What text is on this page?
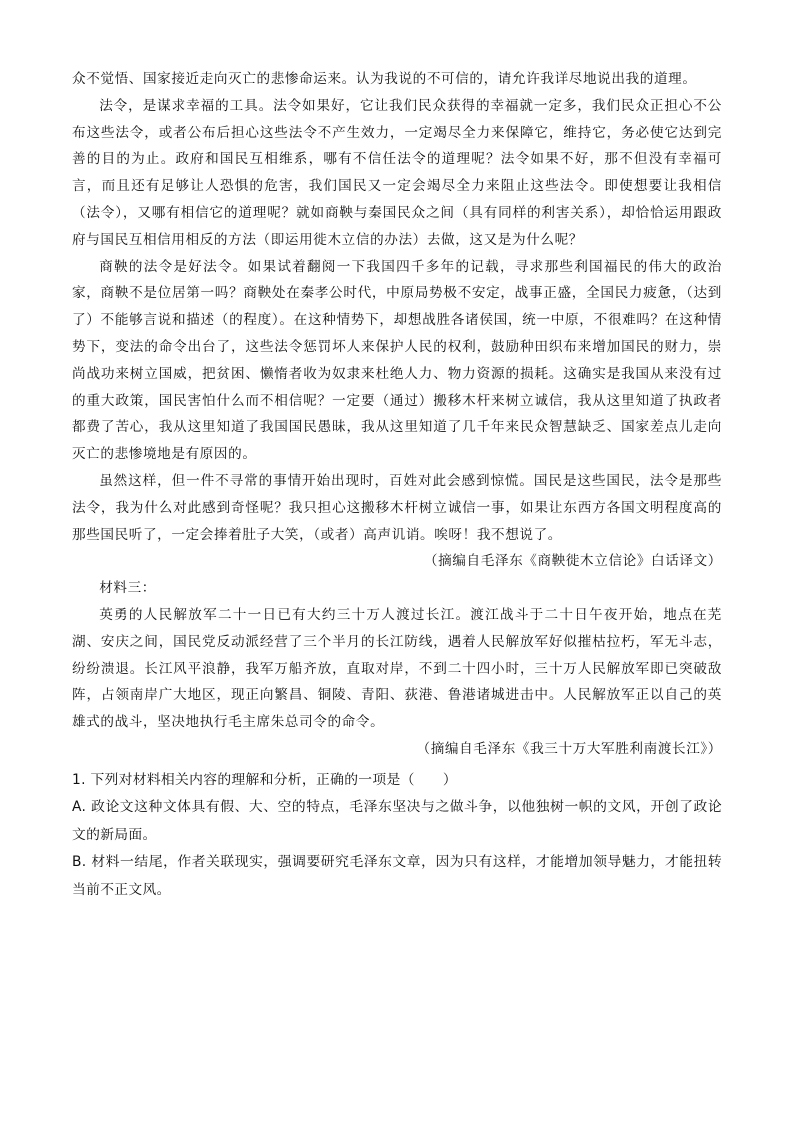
众不觉悟、国家接近走向灭亡的悲惨命运来。认为我说的不可信的，请允许我详尽地说出我的道理。

法令，是谋求幸福的工具。法令如果好，它让我们民众获得的幸福就一定多，我们民众正担心不公布这些法令，或者公布后担心这些法令不产生效力，一定竭尽全力来保障它，维持它，务必使它达到完善的目的为止。政府和国民互相维系，哪有不信任法令的道理呢？法令如果不好，那不但没有幸福可言，而且还有足够让人恐惧的危害，我们国民又一定会竭尽全力来阻止这些法令。即使想要让我相信（法令），又哪有相信它的道理呢？就如商鞅与秦国民众之间（具有同样的利害关系），却恰恰运用跟政府与国民互相信用相反的方法（即运用徙木立信的办法）去做，这又是为什么呢？

商鞅的法令是好法令。如果试着翻阅一下我国四千多年的记载，寻求那些利国福民的伟大的政治家，商鞅不是位居第一吗？商鞅处在秦孝公时代，中原局势极不安定，战事正盛，全国民力疲惫，（达到了）不能够言说和描述（的程度）。在这种情势下，却想战胜各诸侯国，统一中原，不很难吗？在这种情势下，变法的命令出台了，这些法令惩罚坏人来保护人民的权利，鼓励种田织布来增加国民的财力，崇尚战功来树立国威，把贫困、懒惰者收为奴隶来杜绝人力、物力资源的损耗。这确实是我国从来没有过的重大政策，国民害怕什么而不相信呢？一定要（通过）搬移木杆来树立诚信，我从这里知道了执政者都费了苦心，我从这里知道了我国国民愚昧，我从这里知道了几千年来民众智慧缺乏、国家差点儿走向灭亡的悲惨境地是有原因的。

虽然这样，但一件不寻常的事情开始出现时，百姓对此会感到惊慌。国民是这些国民，法令是那些法令，我为什么对此感到奇怪呢？我只担心这搬移木杆树立诚信一事，如果让东西方各国文明程度高的那些国民听了，一定会捧着肚子大笑，（或者）高声讥诮。唉呀！我不想说了。

（摘编自毛泽东《商鞅徙木立信论》白话译文）

材料三：

英勇的人民解放军二十一日已有大约三十万人渡过长江。渡江战斗于二十日午夜开始，地点在芜湖、安庆之间，国民党反动派经营了三个半月的长江防线，遇着人民解放军好似摧枯拉朽，军无斗志，纷纷溃退。长江风平浪静，我军万船齐放，直取对岸，不到二十四小时，三十万人民解放军即已突破敌阵，占领南岸广大地区，现正向繁昌、铜陵、青阳、荻港、鲁港诸城进击中。人民解放军正以自己的英雄式的战斗，坚决地执行毛主席朱总司令的命令。

（摘编自毛泽东《我三十万大军胜利南渡长江》）

1. 下列对材料相关内容的理解和分析，正确的一项是（　　）

A. 政论文这种文体具有假、大、空的特点，毛泽东坚决与之做斗争，以他独树一帜的文风，开创了政论文的新局面。

B. 材料一结尾，作者关联现实，强调要研究毛泽东文章，因为只有这样，才能增加领导魅力，才能扭转当前不正文风。
